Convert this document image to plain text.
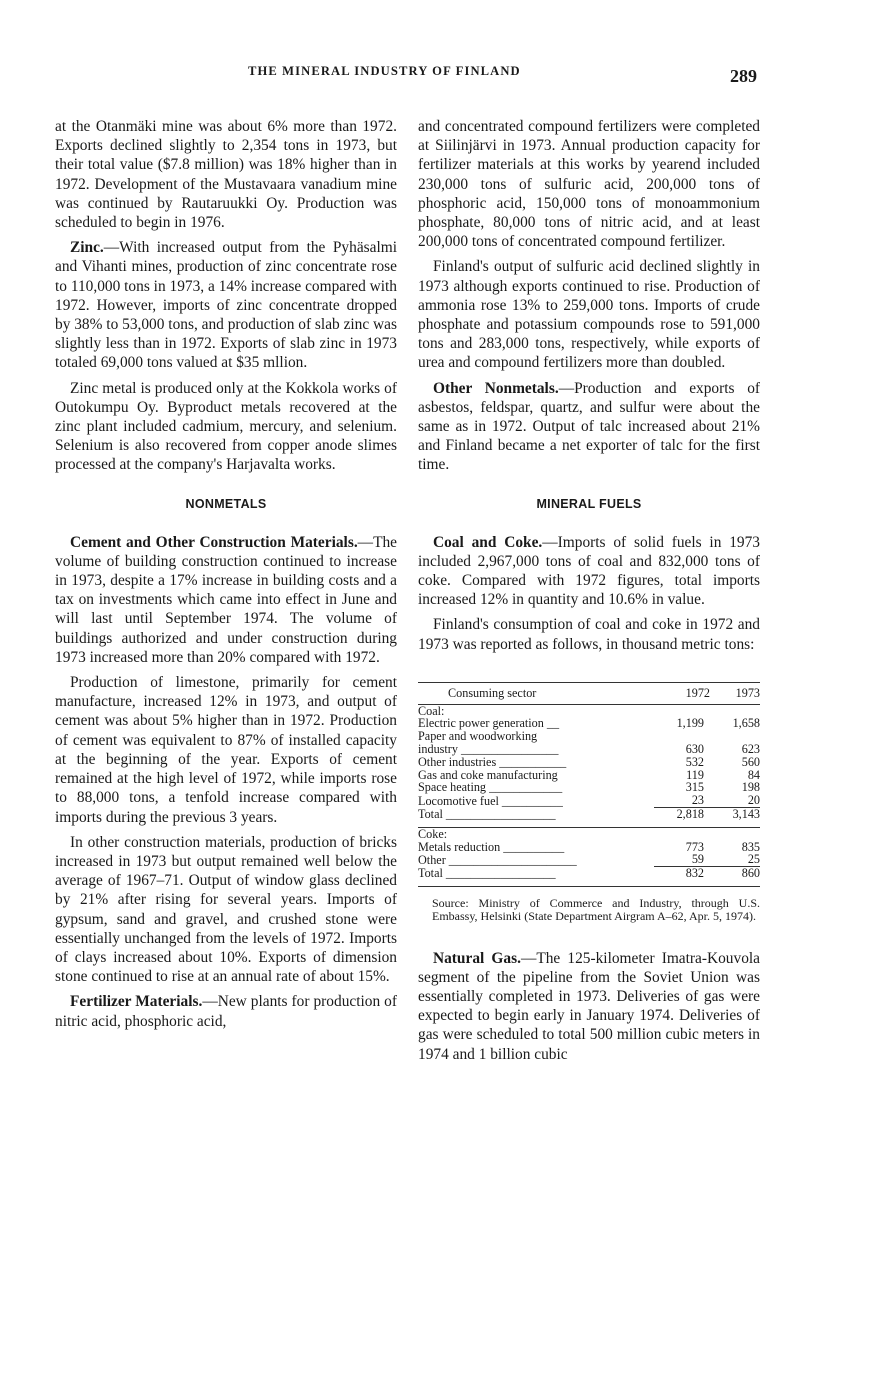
THE MINERAL INDUSTRY OF FINLAND	289

at the Otanmäki mine was about 6% more than 1972. Exports declined slightly to 2,354 tons in 1973, but their total value ($7.8 million) was 18% higher than in 1972. Development of the Mustavaara vanadium mine was continued by Rautaruukki Oy. Production was scheduled to begin in 1976.

Zinc.—With increased output from the Pyhäsalmi and Vihanti mines, production of zinc concentrate rose to 110,000 tons in 1973, a 14% increase compared with 1972. However, imports of zinc concentrate dropped by 38% to 53,000 tons, and production of slab zinc was slightly less than in 1972. Exports of slab zinc in 1973 totaled 69,000 tons valued at $35 mllion.

Zinc metal is produced only at the Kokkola works of Outokumpu Oy. Byproduct metals recovered at the zinc plant included cadmium, mercury, and selenium. Selenium is also recovered from copper anode slimes processed at the company's Harjavalta works.

NONMETALS

Cement and Other Construction Materials.—The volume of building construction continued to increase in 1973, despite a 17% increase in building costs and a tax on investments which came into effect in June and will last until September 1974. The volume of buildings authorized and under construction during 1973 increased more than 20% compared with 1972.

Production of limestone, primarily for cement manufacture, increased 12% in 1973, and output of cement was about 5% higher than in 1972. Production of cement was equivalent to 87% of installed capacity at the beginning of the year. Exports of cement remained at the high level of 1972, while imports rose to 88,000 tons, a tenfold increase compared with imports during the previous 3 years.

In other construction materials, production of bricks increased in 1973 but output remained well below the average of 1967–71. Output of window glass declined by 21% after rising for several years. Imports of gypsum, sand and gravel, and crushed stone were essentially unchanged from the levels of 1972. Imports of clays increased about 10%. Exports of dimension stone continued to rise at an annual rate of about 15%.

Fertilizer Materials.—New plants for production of nitric acid, phosphoric acid,

and concentrated compound fertilizers were completed at Siilinjärvi in 1973. Annual production capacity for fertilizer materials at this works by yearend included 230,000 tons of sulfuric acid, 200,000 tons of phosphoric acid, 150,000 tons of monoammonium phosphate, 80,000 tons of nitric acid, and at least 200,000 tons of concentrated compound fertilizer.

Finland's output of sulfuric acid declined slightly in 1973 although exports continued to rise. Production of ammonia rose 13% to 259,000 tons. Imports of crude phosphate and potassium compounds rose to 591,000 tons and 283,000 tons, respectively, while exports of urea and compound fertilizers more than doubled.

Other Nonmetals.—Production and exports of asbestos, feldspar, quartz, and sulfur were about the same as in 1972. Output of talc increased about 21% and Finland became a net exporter of talc for the first time.

MINERAL FUELS

Coal and Coke.—Imports of solid fuels in 1973 included 2,967,000 tons of coal and 832,000 tons of coke. Compared with 1972 figures, total imports increased 12% in quantity and 10.6% in value.

Finland's consumption of coal and coke in 1972 and 1973 was reported as follows, in thousand metric tons:

Consuming sector	1972	1973
Coal:		
Electric power generation __	1,199	1,658
Paper and woodworking		
industry ________________	630	623
Other industries ___________	532	560
Gas and coke manufacturing	119	84
Space heating ____________	315	198
Locomotive fuel __________	23	20
Total __________________	2,818	3,143
Coke:		
Metals reduction __________	773	835
Other _____________________	59	25
Total __________________	832	860
Source: Ministry of Commerce and Industry, through U.S. Embassy, Helsinki (State Department Airgram A–62, Apr. 5, 1974).

Natural Gas.—The 125-kilometer Imatra-Kouvola segment of the pipeline from the Soviet Union was essentially completed in 1973. Deliveries of gas were expected to begin early in January 1974. Deliveries of gas were scheduled to total 500 million cubic meters in 1974 and 1 billion cubic
